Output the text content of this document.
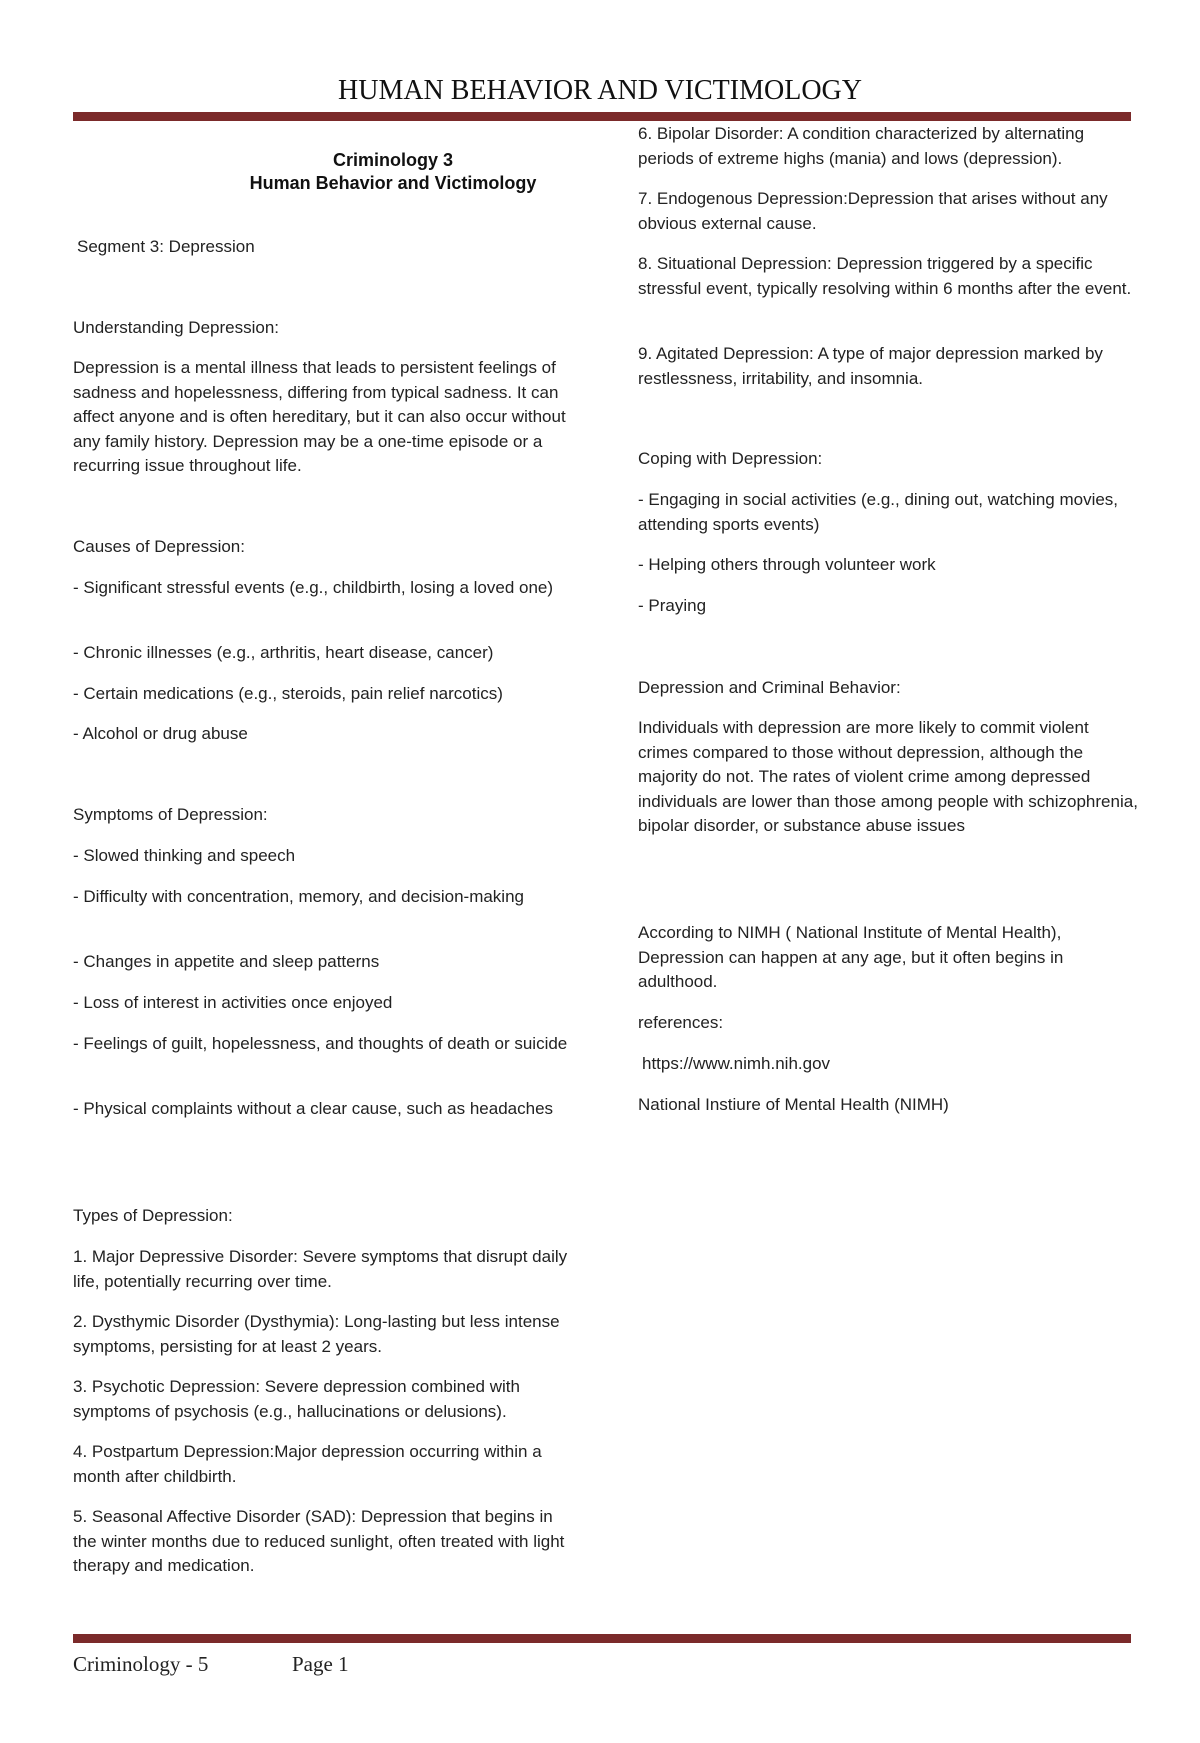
HUMAN BEHAVIOR AND VICTIMOLOGY
Criminology 3
Human Behavior and Victimology

Segment 3: Depression

Understanding Depression:

Depression is a mental illness that leads to persistent feelings of sadness and hopelessness, differing from typical sadness. It can affect anyone and is often hereditary, but it can also occur without any family history. Depression may be a one-time episode or a recurring issue throughout life.

Causes of Depression:

- Significant stressful events (e.g., childbirth, losing a loved one)

- Chronic illnesses (e.g., arthritis, heart disease, cancer)

- Certain medications (e.g., steroids, pain relief narcotics)

- Alcohol or drug abuse

Symptoms of Depression:

- Slowed thinking and speech

- Difficulty with concentration, memory, and decision-making

- Changes in appetite and sleep patterns

- Loss of interest in activities once enjoyed

- Feelings of guilt, hopelessness, and thoughts of death or suicide

- Physical complaints without a clear cause, such as headaches

Types of Depression:

1. Major Depressive Disorder: Severe symptoms that disrupt daily life, potentially recurring over time.

2. Dysthymic Disorder (Dysthymia): Long-lasting but less intense symptoms, persisting for at least 2 years.

3. Psychotic Depression: Severe depression combined with symptoms of psychosis (e.g., hallucinations or delusions).

4. Postpartum Depression:Major depression occurring within a month after childbirth.

5. Seasonal Affective Disorder (SAD): Depression that begins in the winter months due to reduced sunlight, often treated with light therapy and medication.

6. Bipolar Disorder: A condition characterized by alternating periods of extreme highs (mania) and lows (depression).

7. Endogenous Depression:Depression that arises without any obvious external cause.

8. Situational Depression: Depression triggered by a specific stressful event, typically resolving within 6 months after the event.

9. Agitated Depression: A type of major depression marked by restlessness, irritability, and insomnia.

Coping with Depression:

- Engaging in social activities (e.g., dining out, watching movies, attending sports events)

- Helping others through volunteer work

- Praying

Depression and Criminal Behavior:

Individuals with depression are more likely to commit violent crimes compared to those without depression, although the majority do not. The rates of violent crime among depressed individuals are lower than those among people with schizophrenia, bipolar disorder, or substance abuse issues

According to NIMH ( National Institute of Mental Health), Depression can happen at any age, but it often begins in adulthood.

references:

https://www.nimh.nih.gov

National Instiure of Mental Health (NIMH)

Criminology - 5	Page 1
